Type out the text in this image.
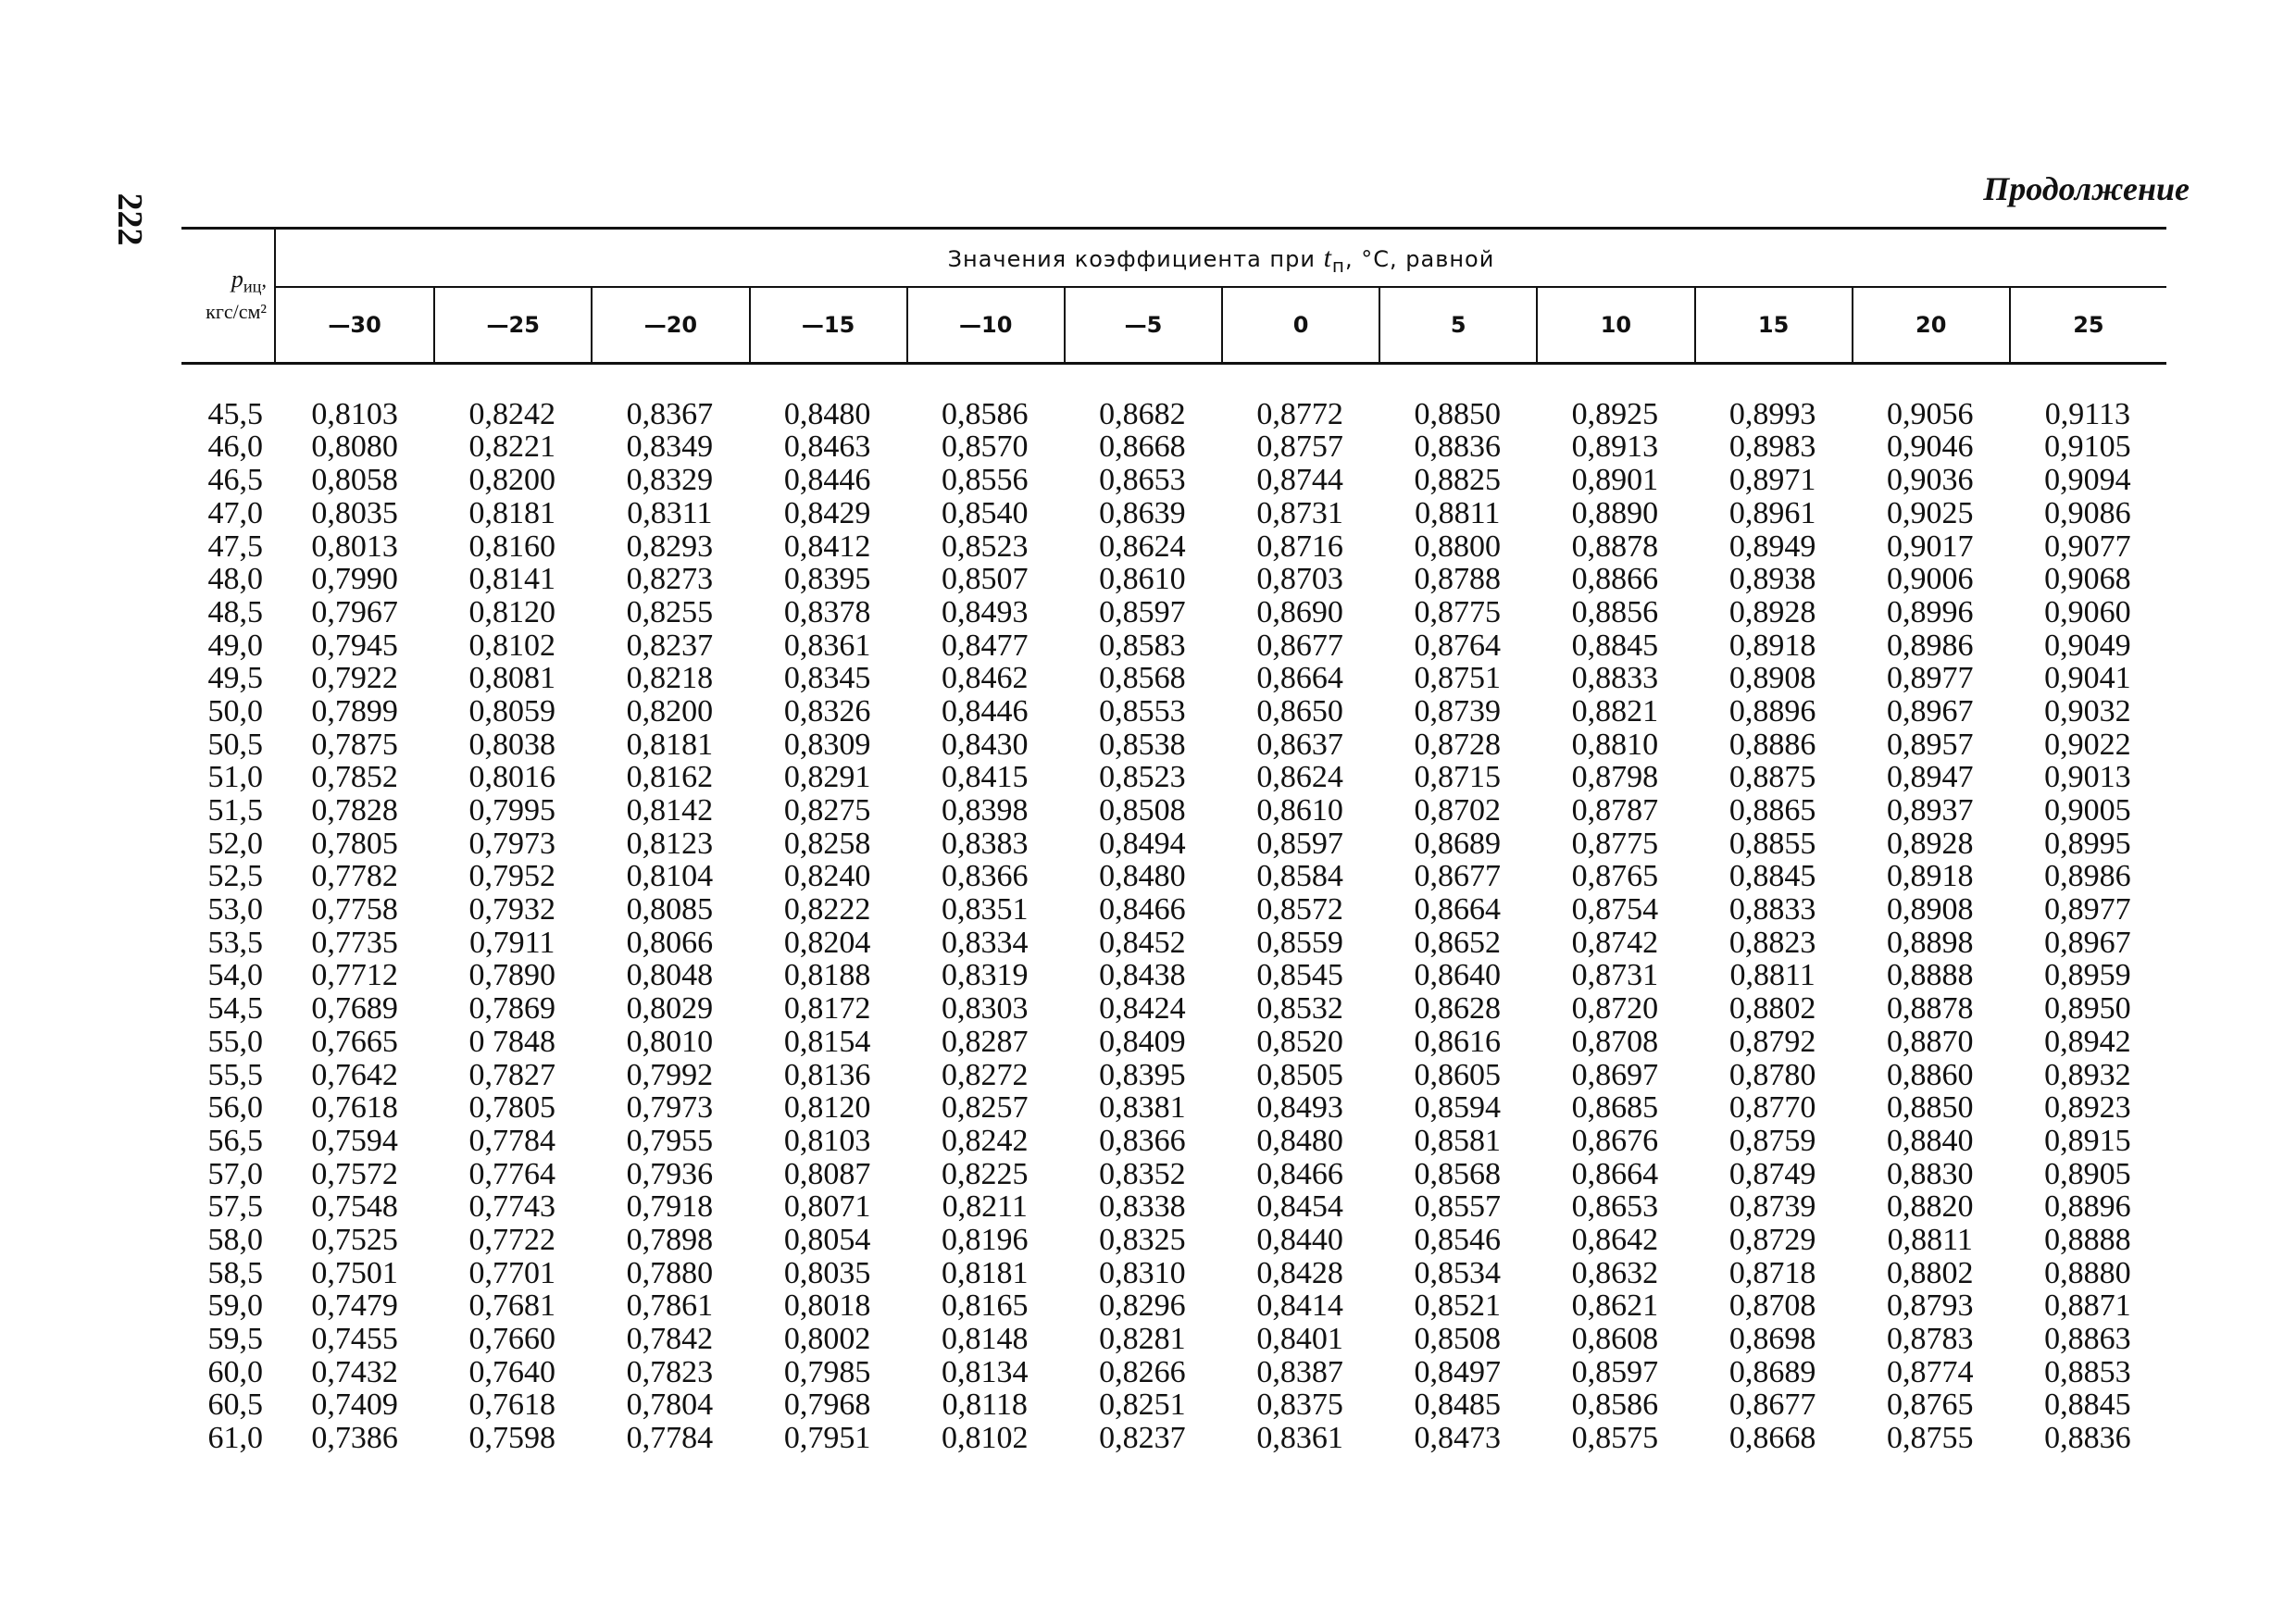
222
Продолжение
$p_{иц}$,
кгс/см²
Значения коэффициента при $t_п$, °С, равной
—30	—25	—20	—15	—10	—5	0	5	10	15	20	25
45,5	0,8103	0,8242	0,8367	0,8480	0,8586	0,8682	0,8772	0,8850	0,8925	0,8993	0,9056	0,9113
46,0	0,8080	0,8221	0,8349	0,8463	0,8570	0,8668	0,8757	0,8836	0,8913	0,8983	0,9046	0,9105
46,5	0,8058	0,8200	0,8329	0,8446	0,8556	0,8653	0,8744	0,8825	0,8901	0,8971	0,9036	0,9094
47,0	0,8035	0,8181	0,8311	0,8429	0,8540	0,8639	0,8731	0,8811	0,8890	0,8961	0,9025	0,9086
47,5	0,8013	0,8160	0,8293	0,8412	0,8523	0,8624	0,8716	0,8800	0,8878	0,8949	0,9017	0,9077
48,0	0,7990	0,8141	0,8273	0,8395	0,8507	0,8610	0,8703	0,8788	0,8866	0,8938	0,9006	0,9068
48,5	0,7967	0,8120	0,8255	0,8378	0,8493	0,8597	0,8690	0,8775	0,8856	0,8928	0,8996	0,9060
49,0	0,7945	0,8102	0,8237	0,8361	0,8477	0,8583	0,8677	0,8764	0,8845	0,8918	0,8986	0,9049
49,5	0,7922	0,8081	0,8218	0,8345	0,8462	0,8568	0,8664	0,8751	0,8833	0,8908	0,8977	0,9041
50,0	0,7899	0,8059	0,8200	0,8326	0,8446	0,8553	0,8650	0,8739	0,8821	0,8896	0,8967	0,9032
50,5	0,7875	0,8038	0,8181	0,8309	0,8430	0,8538	0,8637	0,8728	0,8810	0,8886	0,8957	0,9022
51,0	0,7852	0,8016	0,8162	0,8291	0,8415	0,8523	0,8624	0,8715	0,8798	0,8875	0,8947	0,9013
51,5	0,7828	0,7995	0,8142	0,8275	0,8398	0,8508	0,8610	0,8702	0,8787	0,8865	0,8937	0,9005
52,0	0,7805	0,7973	0,8123	0,8258	0,8383	0,8494	0,8597	0,8689	0,8775	0,8855	0,8928	0,8995
52,5	0,7782	0,7952	0,8104	0,8240	0,8366	0,8480	0,8584	0,8677	0,8765	0,8845	0,8918	0,8986
53,0	0,7758	0,7932	0,8085	0,8222	0,8351	0,8466	0,8572	0,8664	0,8754	0,8833	0,8908	0,8977
53,5	0,7735	0,7911	0,8066	0,8204	0,8334	0,8452	0,8559	0,8652	0,8742	0,8823	0,8898	0,8967
54,0	0,7712	0,7890	0,8048	0,8188	0,8319	0,8438	0,8545	0,8640	0,8731	0,8811	0,8888	0,8959
54,5	0,7689	0,7869	0,8029	0,8172	0,8303	0,8424	0,8532	0,8628	0,8720	0,8802	0,8878	0,8950
55,0	0,7665	0 7848	0,8010	0,8154	0,8287	0,8409	0,8520	0,8616	0,8708	0,8792	0,8870	0,8942
55,5	0,7642	0,7827	0,7992	0,8136	0,8272	0,8395	0,8505	0,8605	0,8697	0,8780	0,8860	0,8932
56,0	0,7618	0,7805	0,7973	0,8120	0,8257	0,8381	0,8493	0,8594	0,8685	0,8770	0,8850	0,8923
56,5	0,7594	0,7784	0,7955	0,8103	0,8242	0,8366	0,8480	0,8581	0,8676	0,8759	0,8840	0,8915
57,0	0,7572	0,7764	0,7936	0,8087	0,8225	0,8352	0,8466	0,8568	0,8664	0,8749	0,8830	0,8905
57,5	0,7548	0,7743	0,7918	0,8071	0,8211	0,8338	0,8454	0,8557	0,8653	0,8739	0,8820	0,8896
58,0	0,7525	0,7722	0,7898	0,8054	0,8196	0,8325	0,8440	0,8546	0,8642	0,8729	0,8811	0,8888
58,5	0,7501	0,7701	0,7880	0,8035	0,8181	0,8310	0,8428	0,8534	0,8632	0,8718	0,8802	0,8880
59,0	0,7479	0,7681	0,7861	0,8018	0,8165	0,8296	0,8414	0,8521	0,8621	0,8708	0,8793	0,8871
59,5	0,7455	0,7660	0,7842	0,8002	0,8148	0,8281	0,8401	0,8508	0,8608	0,8698	0,8783	0,8863
60,0	0,7432	0,7640	0,7823	0,7985	0,8134	0,8266	0,8387	0,8497	0,8597	0,8689	0,8774	0,8853
60,5	0,7409	0,7618	0,7804	0,7968	0,8118	0,8251	0,8375	0,8485	0,8586	0,8677	0,8765	0,8845
61,0	0,7386	0,7598	0,7784	0,7951	0,8102	0,8237	0,8361	0,8473	0,8575	0,8668	0,8755	0,8836
